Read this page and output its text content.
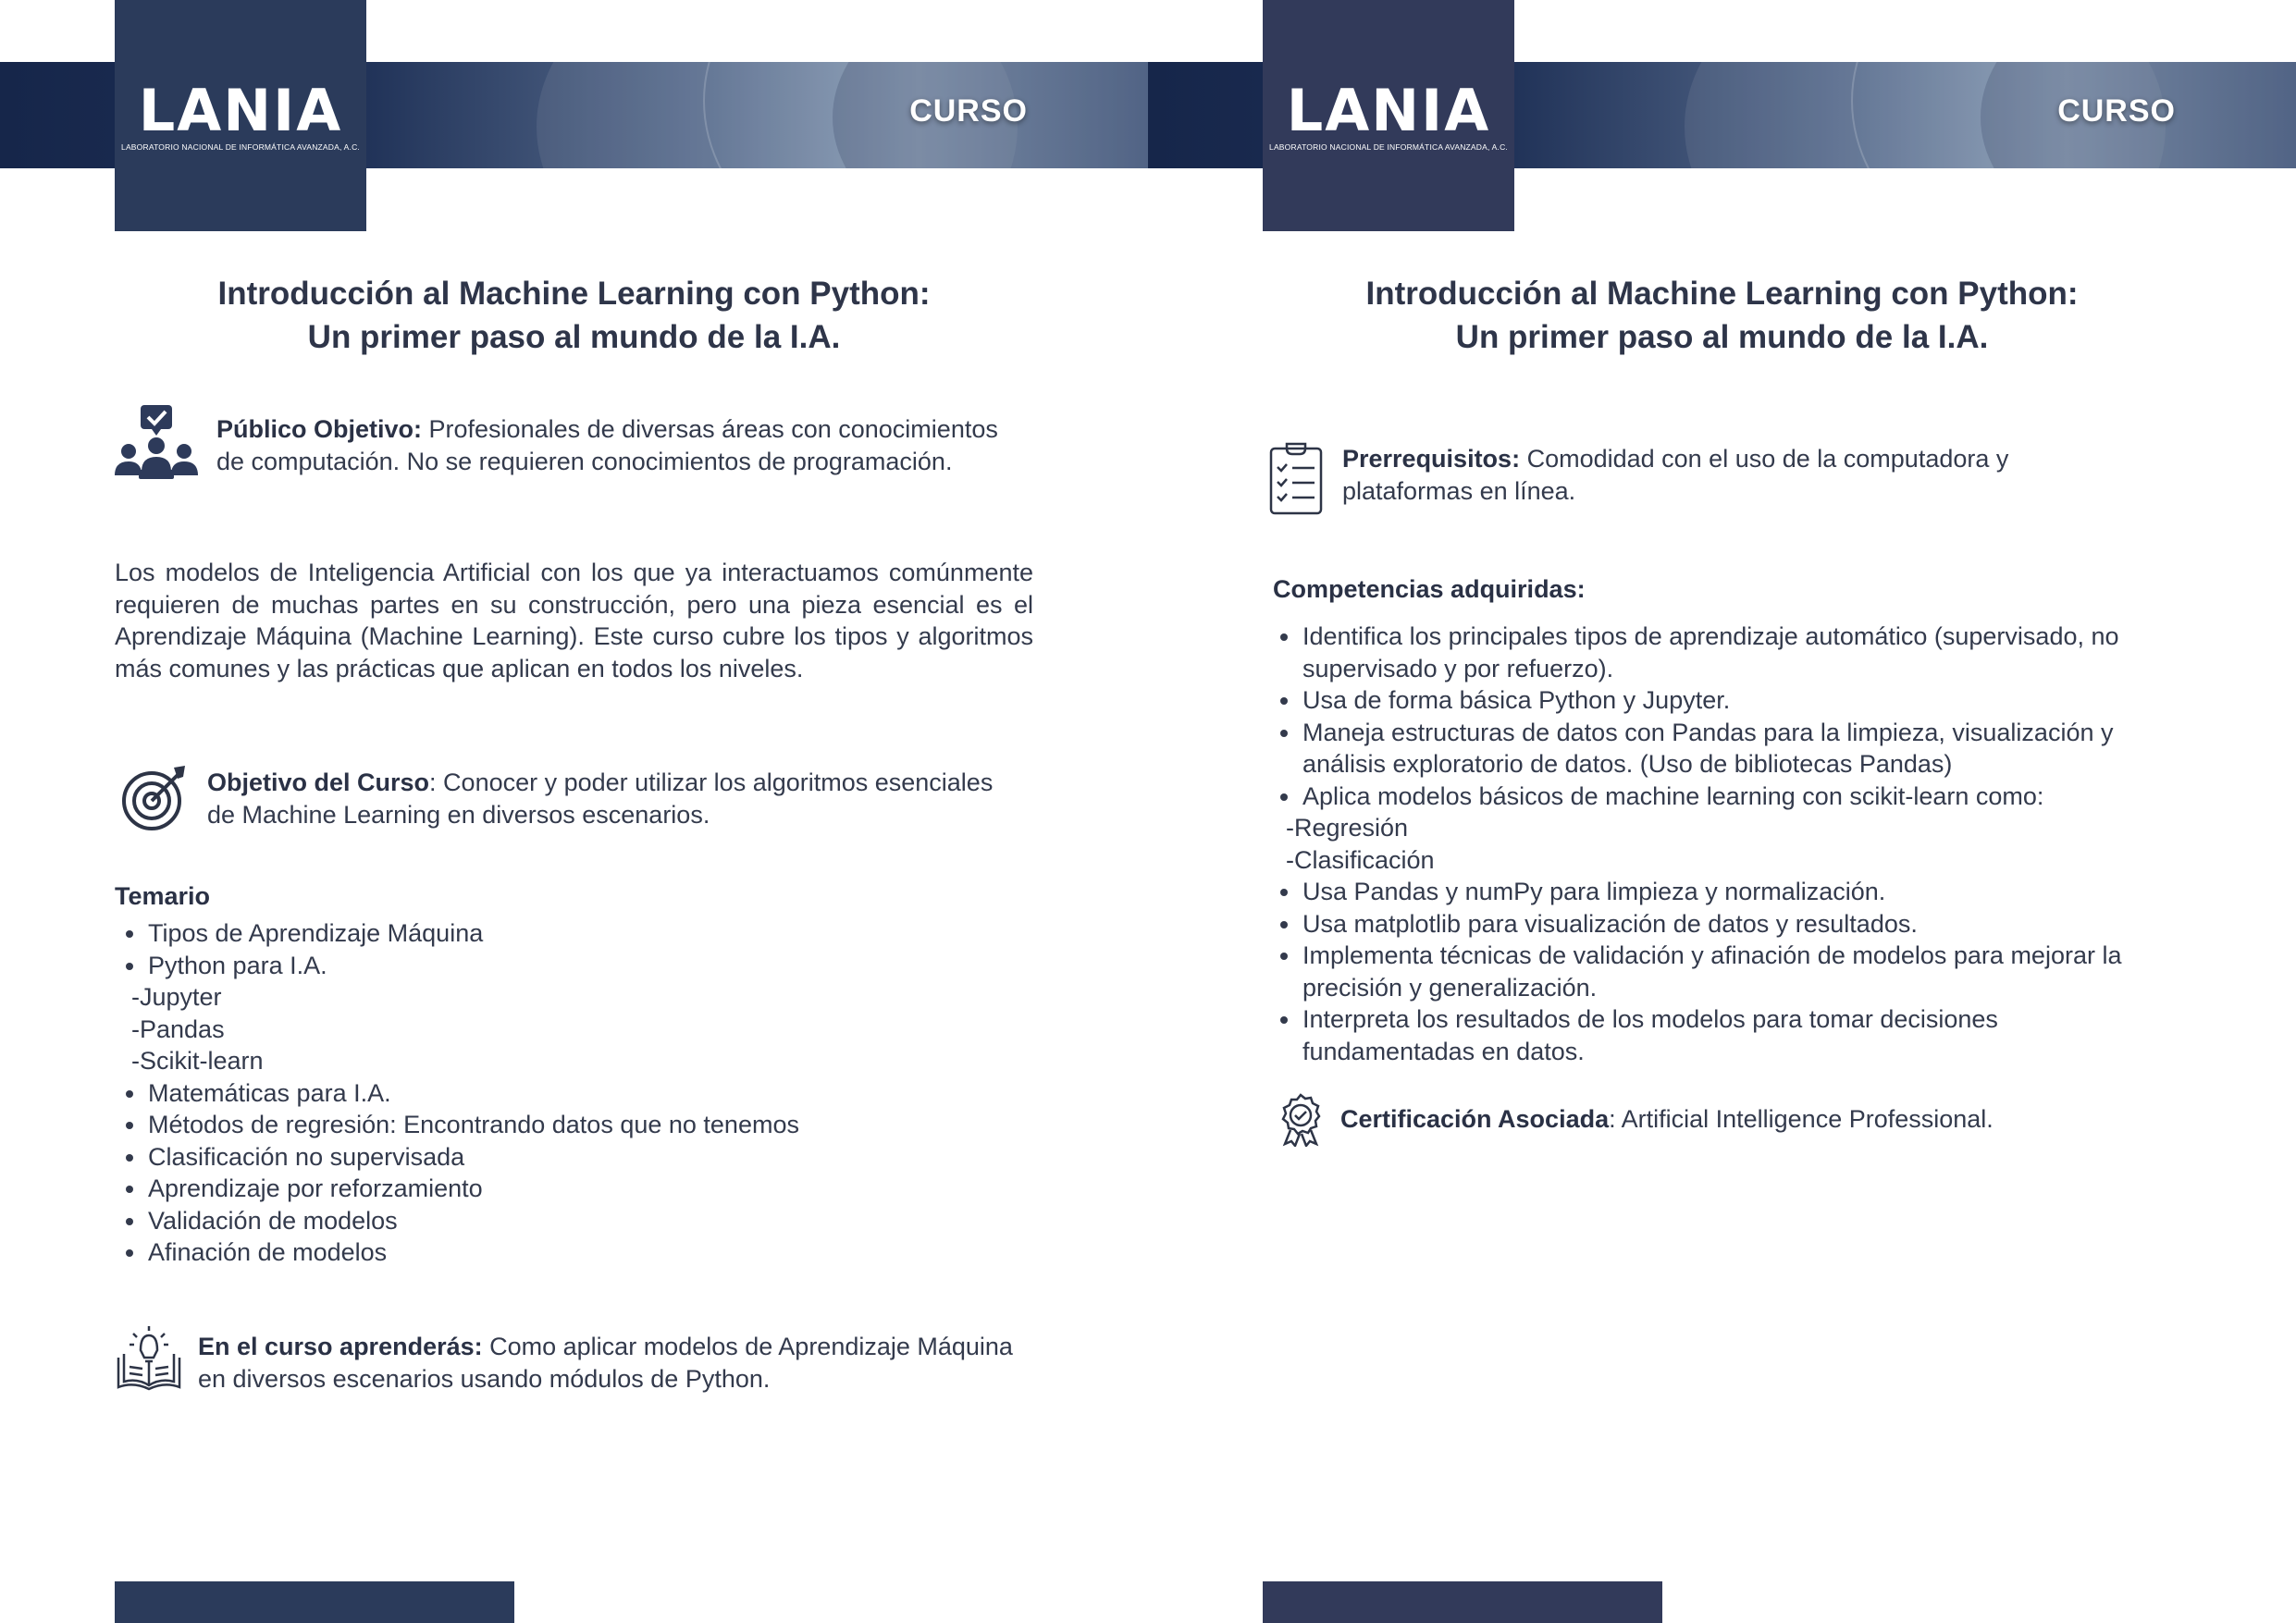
CURSO
LANIA
LABORATORIO NACIONAL DE INFORMÁTICA AVANZADA, A.C.
Introducción al Machine Learning con Python:
Un primer paso al mundo de la I.A.
Público Objetivo: Profesionales de diversas áreas con conocimientos
de computación. No se requieren conocimientos de programación.
Los modelos de Inteligencia Artificial con los que ya interactuamos comúnmente requieren de muchas partes en su construcción, pero una pieza esencial es el Aprendizaje Máquina (Machine Learning). Este curso cubre los tipos y algoritmos más comunes y las prácticas que aplican en todos los niveles.
Objetivo del Curso: Conocer y poder utilizar los algoritmos esenciales
de Machine Learning en diversos escenarios.
Temario
Tipos de Aprendizaje Máquina
Python para I.A.
-Jupyter
-Pandas
-Scikit-learn
Matemáticas para I.A.
Métodos de regresión: Encontrando datos que no tenemos
Clasificación no supervisada
Aprendizaje por reforzamiento
Validación de modelos
Afinación de modelos
En el curso aprenderás: Como aplicar modelos de Aprendizaje Máquina
en diversos escenarios usando módulos de Python.
CURSO
LANIA
LABORATORIO NACIONAL DE INFORMÁTICA AVANZADA, A.C.
Introducción al Machine Learning con Python:
Un primer paso al mundo de la I.A.
Prerrequisitos: Comodidad con el uso de la computadora y
plataformas en línea.
Competencias adquiridas:
Identifica los principales tipos de aprendizaje automático (supervisado, no
supervisado y por refuerzo).
Usa de forma básica Python y Jupyter.
Maneja estructuras de datos con Pandas para la limpieza, visualización y
análisis exploratorio de datos. (Uso de bibliotecas Pandas)
Aplica modelos básicos de machine learning con scikit-learn como:
-Regresión
-Clasificación
Usa Pandas y numPy para limpieza y normalización.
Usa matplotlib para visualización de datos y resultados.
Implementa técnicas de validación y afinación de modelos para mejorar la
precisión y generalización.
Interpreta los resultados de los modelos para tomar decisiones
fundamentadas en datos.
Certificación Asociada: Artificial Intelligence Professional.
